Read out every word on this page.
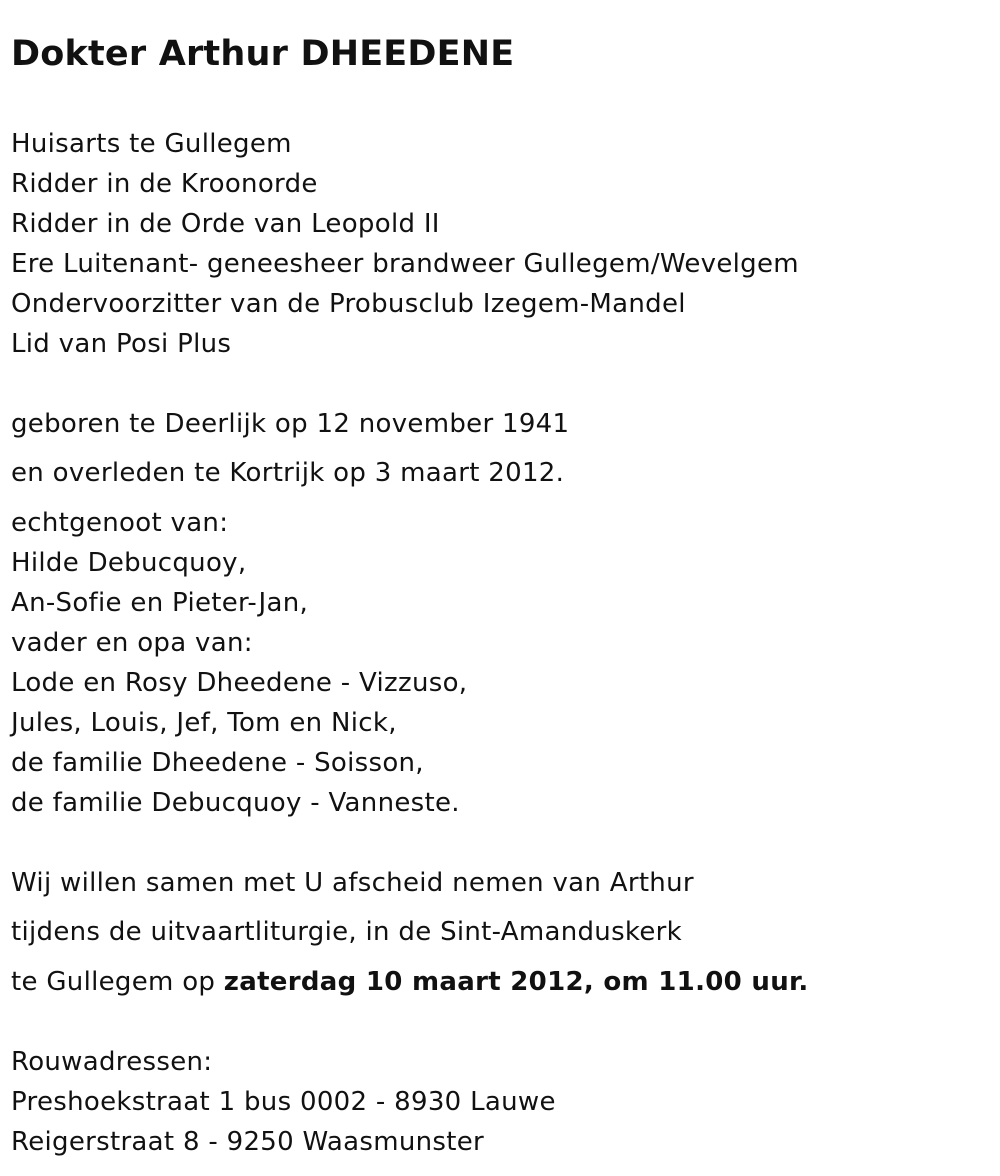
Dokter Arthur DHEEDENE

Huisarts te Gullegem

Ridder in de Kroonorde

Ridder in de Orde van Leopold II

Ere Luitenant- geneesheer brandweer Gullegem/Wevelgem

Ondervoorzitter van de Probusclub Izegem-Mandel

Lid van Posi Plus

geboren te Deerlijk op 12 november 1941

en overleden te Kortrijk op 3 maart 2012.

echtgenoot van:

Hilde Debucquoy,

An-Sofie en Pieter-Jan,

vader en opa van:

Lode en Rosy Dheedene - Vizzuso,

Jules, Louis, Jef, Tom en Nick,

de familie Dheedene - Soisson,

de familie Debucquoy - Vanneste.

Wij willen samen met U afscheid nemen van Arthur

tijdens de uitvaartliturgie, in de Sint-Amanduskerk

te Gullegem op zaterdag 10 maart 2012, om 11.00 uur.

Rouwadressen:

Preshoekstraat 1 bus 0002 - 8930 Lauwe

Reigerstraat 8 - 9250 Waasmunster
